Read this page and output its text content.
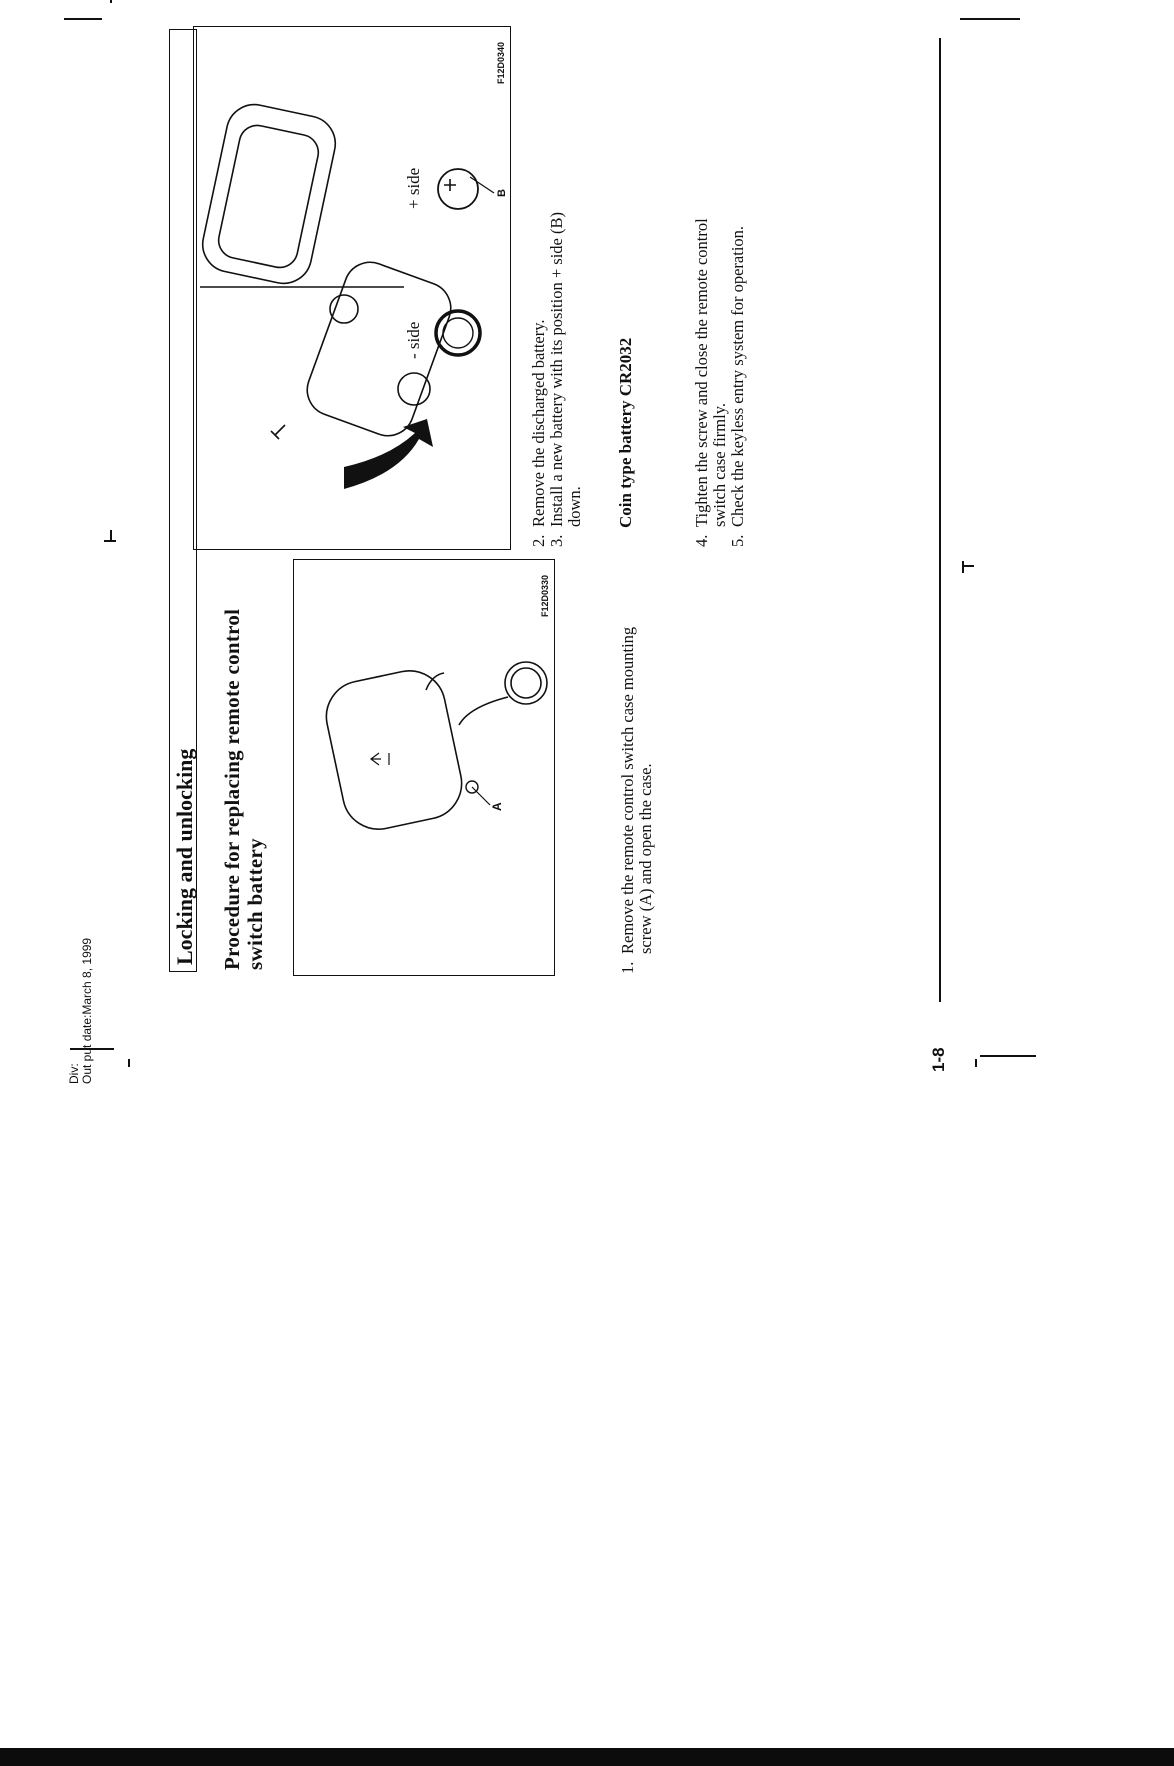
Div: Out put date:March 8, 1999
Locking and unlocking Procedure for replacing remote control switch battery
A
F12D0330
+ side
- side
B
F12D0340
1.
Remove the remote control switch case mounting screw (A) and open the case.
2.
Remove the discharged battery.
3.
Install a new battery with its position + side (B) down. Coin type battery CR2032
4.
Tighten the screw and close the remote control switch case firmly.
5.
Check the keyless entry system for operation.
1-8
